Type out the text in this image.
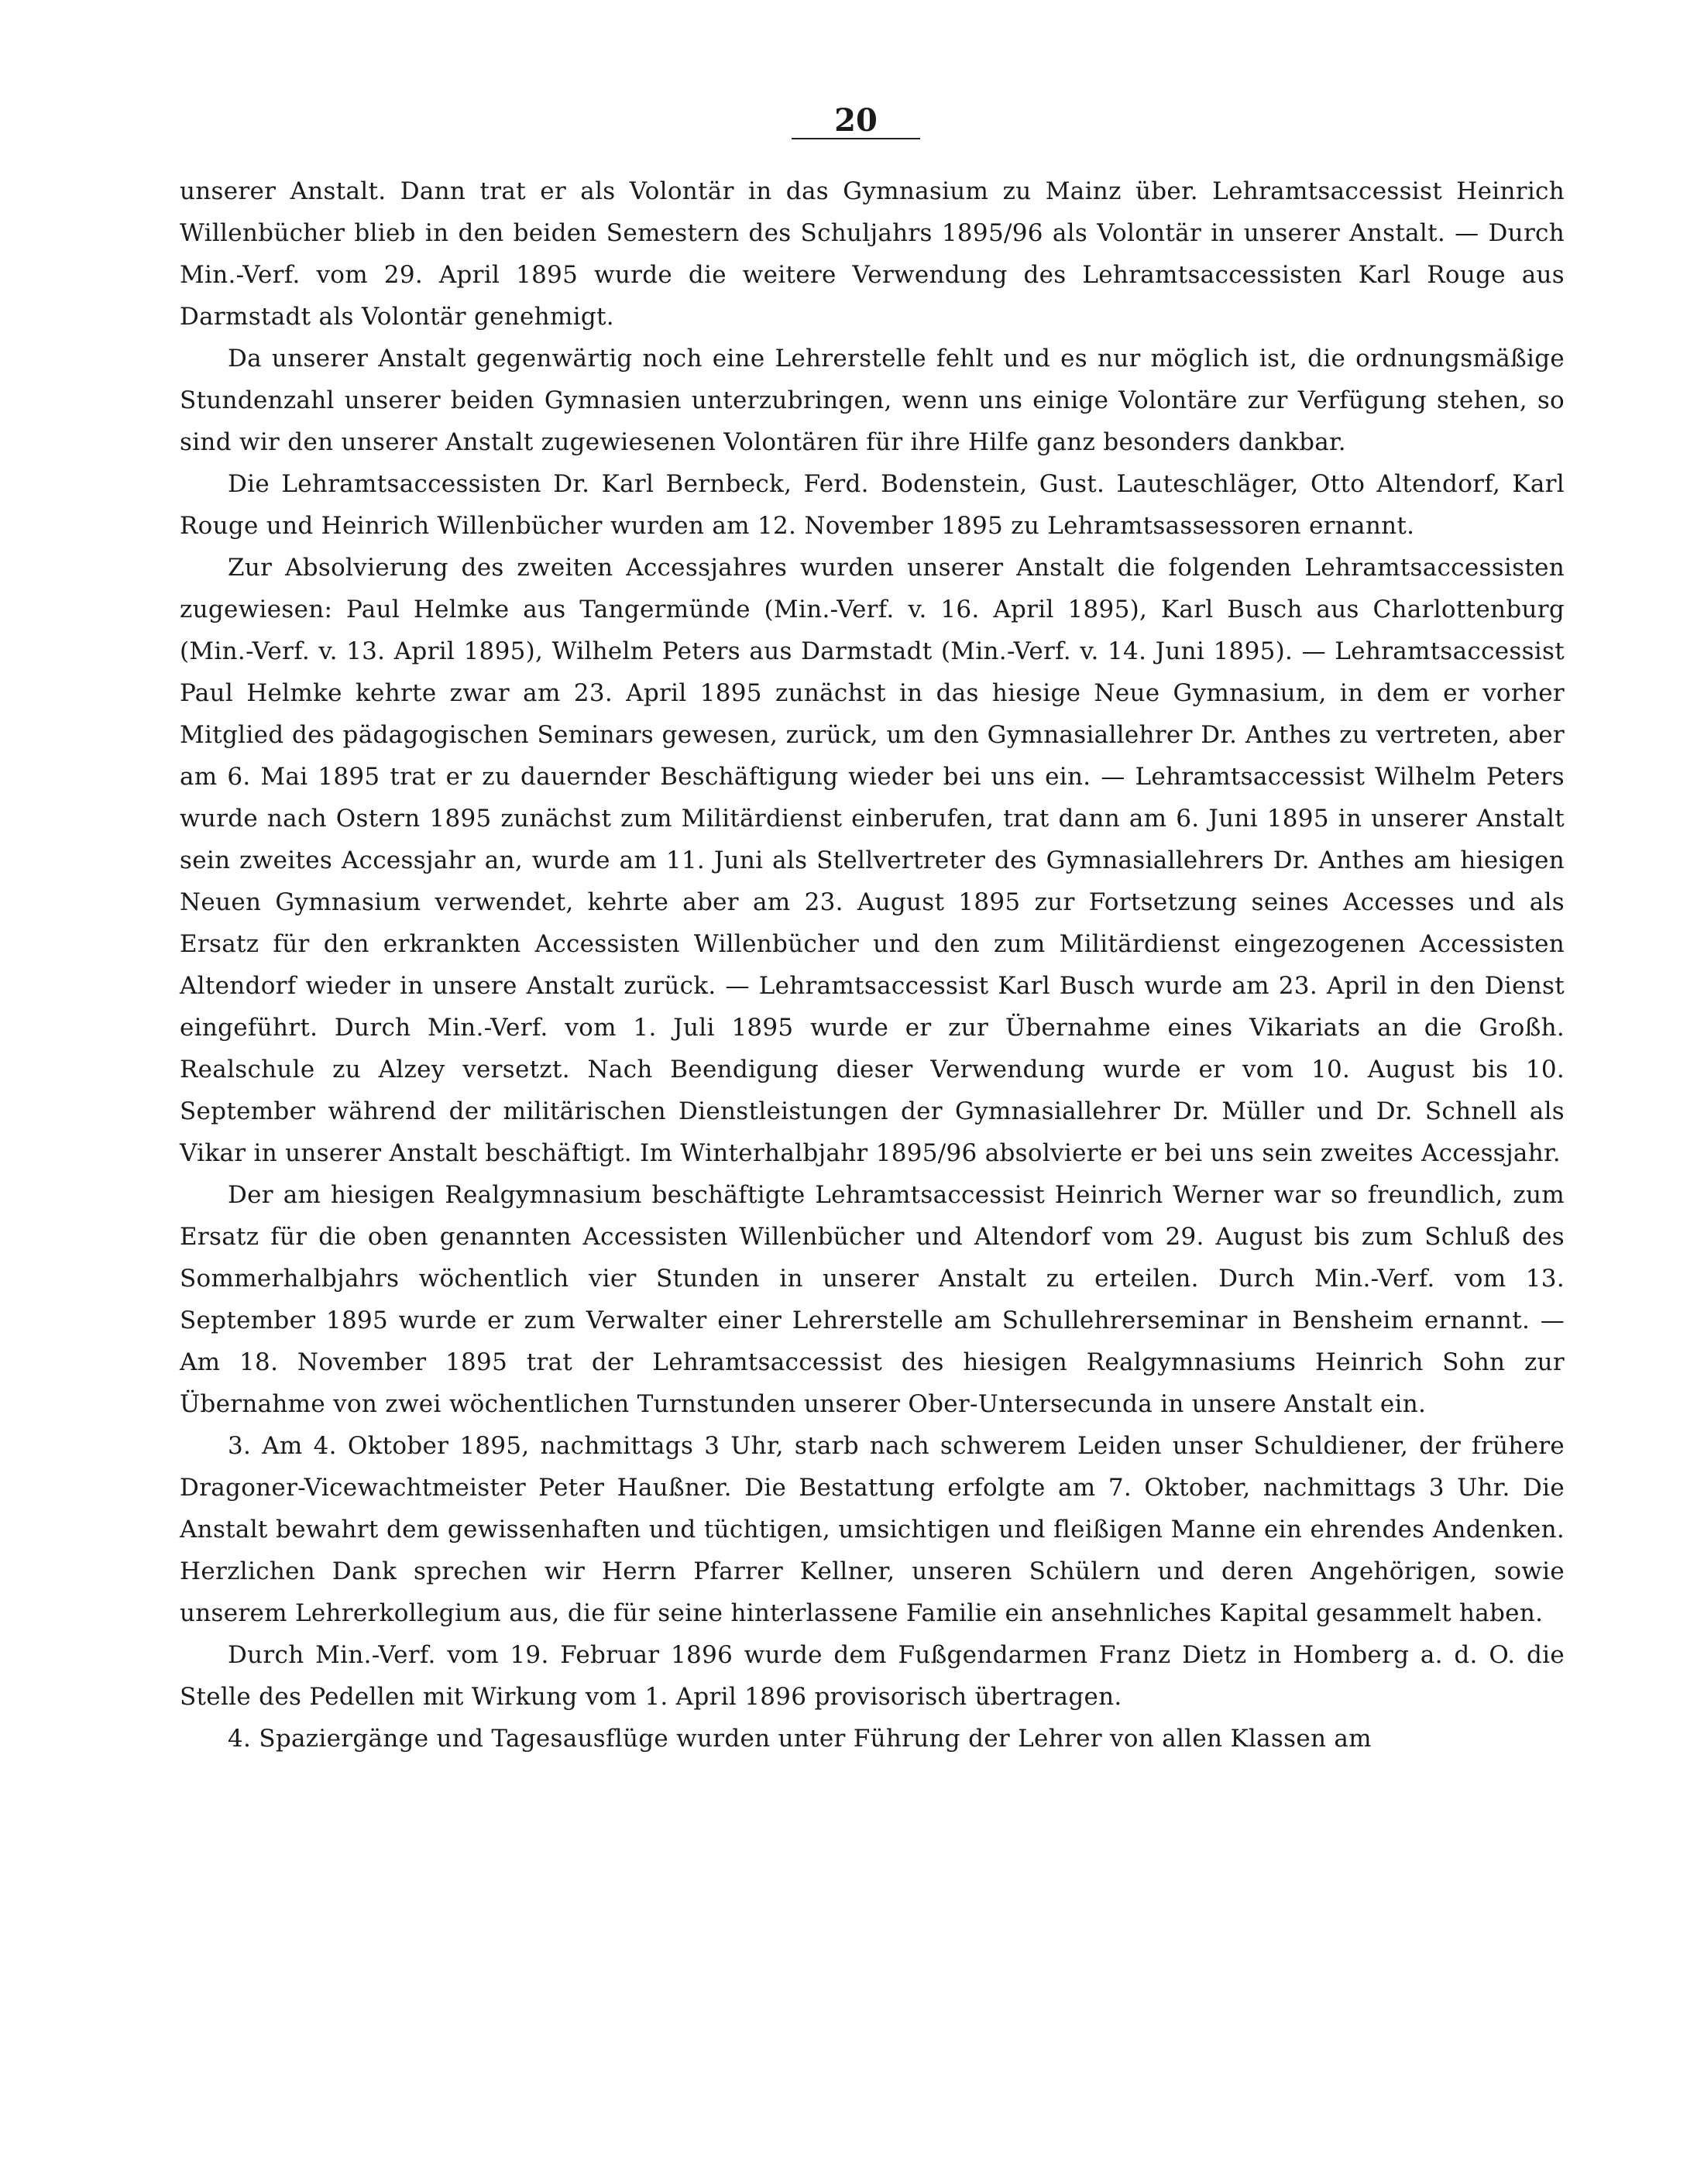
20

unserer Anstalt. Dann trat er als Volontär in das Gymnasium zu Mainz über. Lehramtsaccessist Heinrich Willenbücher blieb in den beiden Semestern des Schuljahrs 1895/96 als Volontär in unserer Anstalt. — Durch Min.-Verf. vom 29. April 1895 wurde die weitere Verwendung des Lehramtsaccessisten Karl Rouge aus Darmstadt als Volontär genehmigt.

Da unserer Anstalt gegenwärtig noch eine Lehrerstelle fehlt und es nur möglich ist, die ordnungsmäßige Stundenzahl unserer beiden Gymnasien unterzubringen, wenn uns einige Volontäre zur Verfügung stehen, so sind wir den unserer Anstalt zugewiesenen Volontären für ihre Hilfe ganz besonders dankbar.

Die Lehramtsaccessisten Dr. Karl Bernbeck, Ferd. Bodenstein, Gust. Lauteschläger, Otto Altendorf, Karl Rouge und Heinrich Willenbücher wurden am 12. November 1895 zu Lehramtsassessoren ernannt.

Zur Absolvierung des zweiten Accessjahres wurden unserer Anstalt die folgenden Lehramtsaccessisten zugewiesen: Paul Helmke aus Tangermünde (Min.-Verf. v. 16. April 1895), Karl Busch aus Charlottenburg (Min.-Verf. v. 13. April 1895), Wilhelm Peters aus Darmstadt (Min.-Verf. v. 14. Juni 1895). — Lehramtsaccessist Paul Helmke kehrte zwar am 23. April 1895 zunächst in das hiesige Neue Gymnasium, in dem er vorher Mitglied des pädagogischen Seminars gewesen, zurück, um den Gymnasiallehrer Dr. Anthes zu vertreten, aber am 6. Mai 1895 trat er zu dauernder Beschäftigung wieder bei uns ein. — Lehramtsaccessist Wilhelm Peters wurde nach Ostern 1895 zunächst zum Militärdienst einberufen, trat dann am 6. Juni 1895 in unserer Anstalt sein zweites Accessjahr an, wurde am 11. Juni als Stellvertreter des Gymnasiallehrers Dr. Anthes am hiesigen Neuen Gymnasium verwendet, kehrte aber am 23. August 1895 zur Fortsetzung seines Accesses und als Ersatz für den erkrankten Accessisten Willenbücher und den zum Militärdienst eingezogenen Accessisten Altendorf wieder in unsere Anstalt zurück. — Lehramtsaccessist Karl Busch wurde am 23. April in den Dienst eingeführt. Durch Min.-Verf. vom 1. Juli 1895 wurde er zur Übernahme eines Vikariats an die Großh. Realschule zu Alzey versetzt. Nach Beendigung dieser Verwendung wurde er vom 10. August bis 10. September während der militärischen Dienstleistungen der Gymnasiallehrer Dr. Müller und Dr. Schnell als Vikar in unserer Anstalt beschäftigt. Im Winterhalbjahr 1895/96 absolvierte er bei uns sein zweites Accessjahr.

Der am hiesigen Realgymnasium beschäftigte Lehramtsaccessist Heinrich Werner war so freundlich, zum Ersatz für die oben genannten Accessisten Willenbücher und Altendorf vom 29. August bis zum Schluß des Sommerhalbjahrs wöchentlich vier Stunden in unserer Anstalt zu erteilen. Durch Min.-Verf. vom 13. September 1895 wurde er zum Verwalter einer Lehrerstelle am Schullehrerseminar in Bensheim ernannt. — Am 18. November 1895 trat der Lehramtsaccessist des hiesigen Realgymnasiums Heinrich Sohn zur Übernahme von zwei wöchentlichen Turnstunden unserer Ober-Untersecunda in unsere Anstalt ein.

3. Am 4. Oktober 1895, nachmittags 3 Uhr, starb nach schwerem Leiden unser Schuldiener, der frühere Dragoner-Vicewachtmeister Peter Haußner. Die Bestattung erfolgte am 7. Oktober, nachmittags 3 Uhr. Die Anstalt bewahrt dem gewissenhaften und tüchtigen, umsichtigen und fleißigen Manne ein ehrendes Andenken. Herzlichen Dank sprechen wir Herrn Pfarrer Kellner, unseren Schülern und deren Angehörigen, sowie unserem Lehrerkollegium aus, die für seine hinterlassene Familie ein ansehnliches Kapital gesammelt haben.

Durch Min.-Verf. vom 19. Februar 1896 wurde dem Fußgendarmen Franz Dietz in Homberg a. d. O. die Stelle des Pedellen mit Wirkung vom 1. April 1896 provisorisch übertragen.

4. Spaziergänge und Tagesausflüge wurden unter Führung der Lehrer von allen Klassen am
